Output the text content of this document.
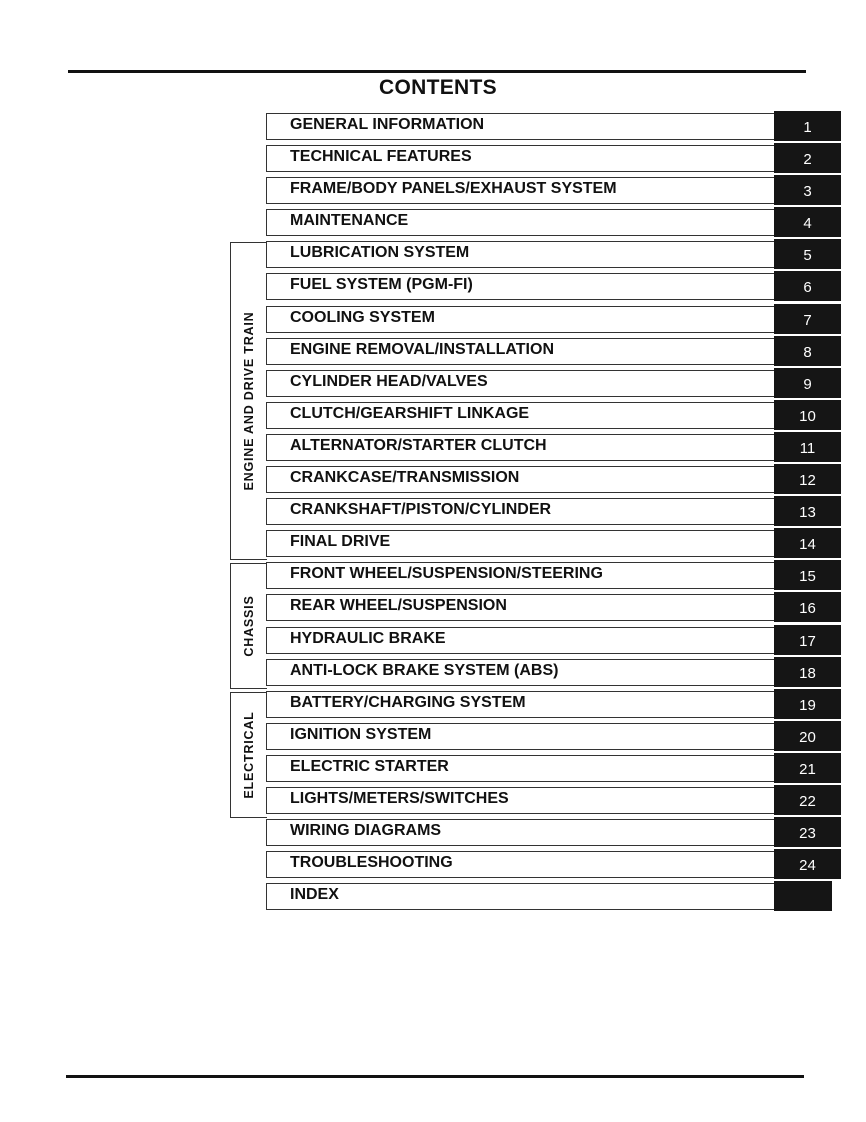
CONTENTS
ENGINE AND DRIVE TRAIN
CHASSIS
ELECTRICAL
GENERAL INFORMATION	1
TECHNICAL FEATURES	2
FRAME/BODY PANELS/EXHAUST SYSTEM	3
MAINTENANCE	4
LUBRICATION SYSTEM	5
FUEL SYSTEM (PGM-FI)	6
COOLING SYSTEM	7
ENGINE REMOVAL/INSTALLATION	8
CYLINDER HEAD/VALVES	9
CLUTCH/GEARSHIFT LINKAGE	10
ALTERNATOR/STARTER CLUTCH	11
CRANKCASE/TRANSMISSION	12
CRANKSHAFT/PISTON/CYLINDER	13
FINAL DRIVE	14
FRONT WHEEL/SUSPENSION/STEERING	15
REAR WHEEL/SUSPENSION	16
HYDRAULIC BRAKE	17
ANTI-LOCK BRAKE SYSTEM (ABS)	18
BATTERY/CHARGING SYSTEM	19
IGNITION SYSTEM	20
ELECTRIC STARTER	21
LIGHTS/METERS/SWITCHES	22
WIRING DIAGRAMS	23
TROUBLESHOOTING	24
INDEX
